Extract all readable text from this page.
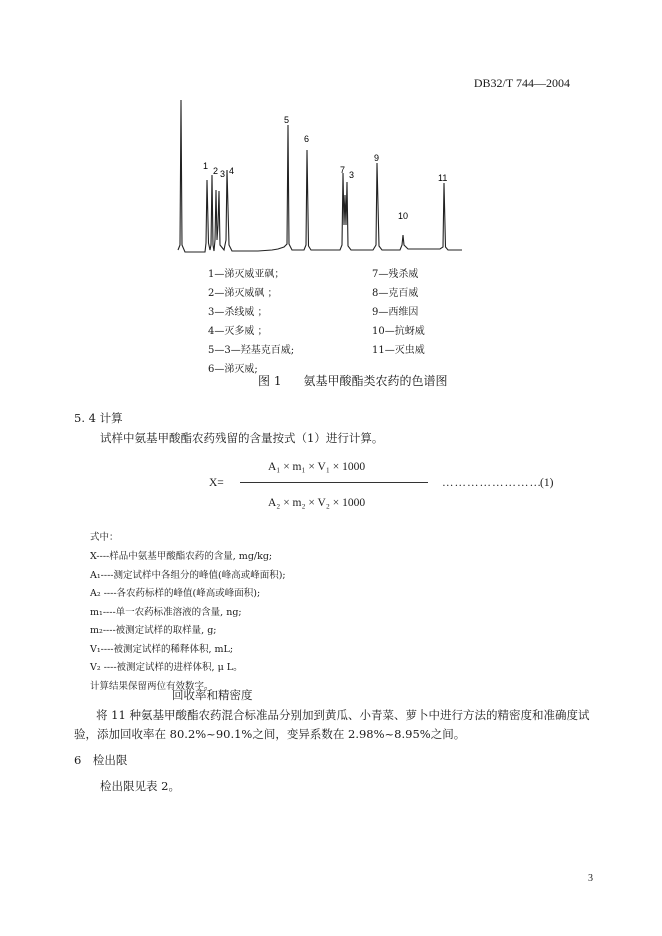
DB32/T 744—2004
1 2 3 4
5
6
7 3
9
10
11
1—涕灭威亚砜；
2—涕灭威砜 ；
3—杀线威 ；
4—灭多威 ；
5—3—羟基克百威;
6—涕灭威;
7—残杀威
8—克百威
9—西维因
10—抗蚜威
11—灭虫威
图 1 氨基甲酸酯类农药的色谱图
5. 4 计算
试样中氨基甲酸酯农药残留的含量按式（1）进行计算。
A₁ × m₁ × V₁ × 1000
X=
A₂ × m₂ × V₂ × 1000
……………………
(1)
式中：
X----样品中氨基甲酸酯农药的含量, mg/kg;
A₁----测定试样中各组分的峰值(峰高或峰面积);
A₂ ----各农药标样的峰值(峰高或峰面积);
m₁----单一农药标准溶液的含量, ng;
m₂----被测定试样的取样量, g;
V₁----被测定试样的稀释体积, mL;
V₂ ----被测定试样的进样体积, μ L。
计算结果保留两位有效数字。
回收率和精密度
将 11 种氨基甲酸酯农药混合标准品分别加到黄瓜、小青菜、萝卜中进行方法的精密度和准确度试验，添加回收率在 80.2%~90.1%之间，变异系数在 2.98%~8.95%之间。
6　检出限
检出限见表 2。
3
